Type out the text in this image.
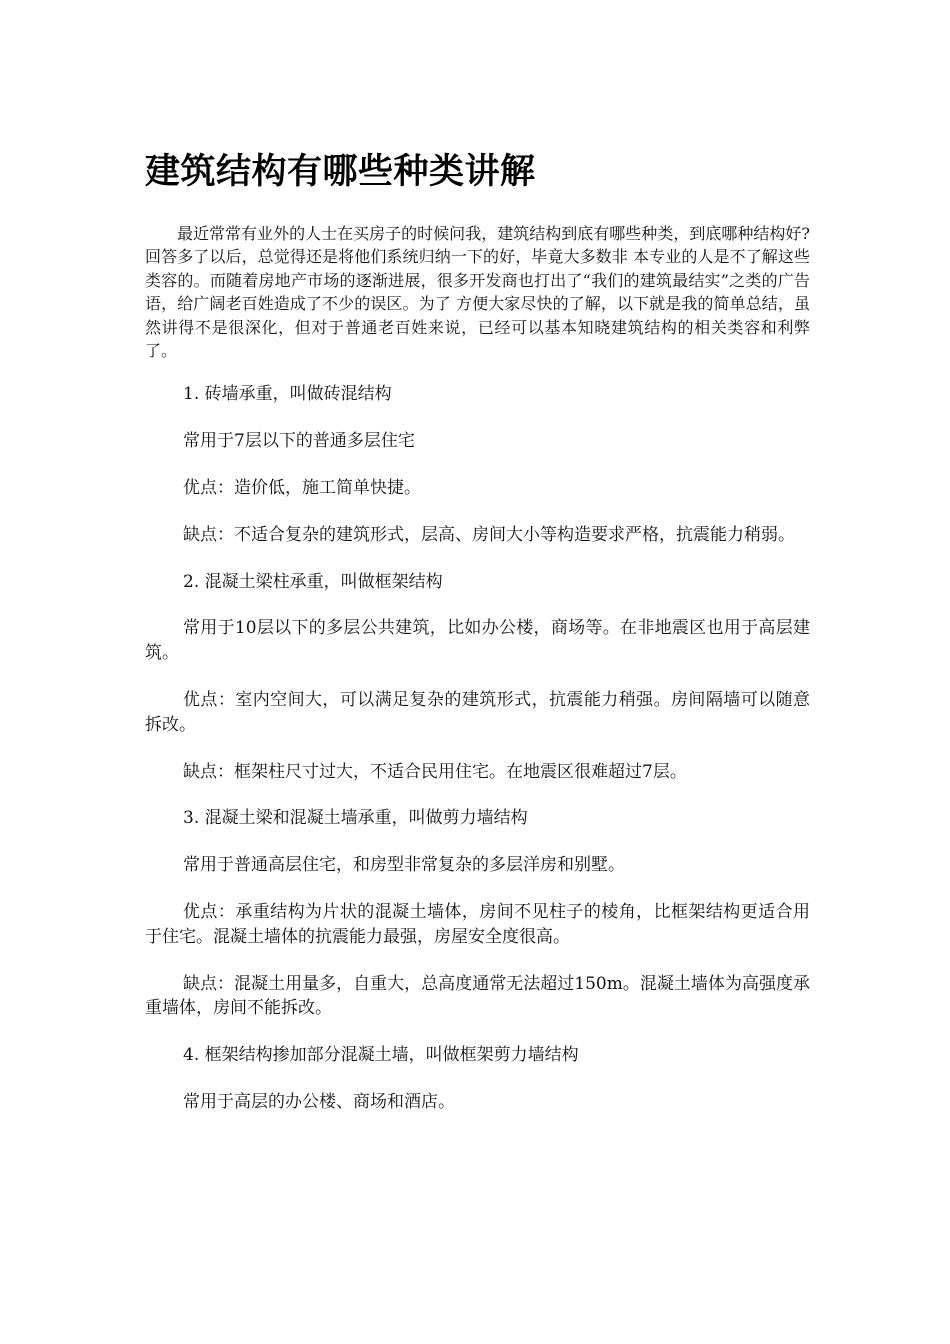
建筑结构有哪些种类讲解

最近常常有业外的人士在买房子的时候问我，建筑结构到底有哪些种类，到底哪种结构好?回答多了以后，总觉得还是将他们系统归纳一下的好，毕竟大多数非 本专业的人是不了解这些类容的。而随着房地产市场的逐渐进展，很多开发商也打出了“我们的建筑最结实”之类的广告语，给广阔老百姓造成了不少的误区。为了 方便大家尽快的了解，以下就是我的简单总结，虽然讲得不是很深化，但对于普通老百姓来说，已经可以基本知晓建筑结构的相关类容和利弊了。

1. 砖墙承重，叫做砖混结构

常用于7层以下的普通多层住宅

优点：造价低，施工简单快捷。

缺点：不适合复杂的建筑形式，层高、房间大小等构造要求严格，抗震能力稍弱。

2. 混凝土梁柱承重，叫做框架结构

常用于10层以下的多层公共建筑，比如办公楼，商场等。在非地震区也用于高层建筑。

优点：室内空间大，可以满足复杂的建筑形式，抗震能力稍强。房间隔墙可以随意拆改。

缺点：框架柱尺寸过大，不适合民用住宅。在地震区很难超过7层。

3. 混凝土梁和混凝土墙承重，叫做剪力墙结构

常用于普通高层住宅，和房型非常复杂的多层洋房和别墅。

优点：承重结构为片状的混凝土墙体，房间不见柱子的棱角，比框架结构更适合用于住宅。混凝土墙体的抗震能力最强，房屋安全度很高。

缺点：混凝土用量多，自重大，总高度通常无法超过150m。混凝土墙体为高强度承重墙体，房间不能拆改。

4. 框架结构掺加部分混凝土墙，叫做框架剪力墙结构

常用于高层的办公楼、商场和酒店。
